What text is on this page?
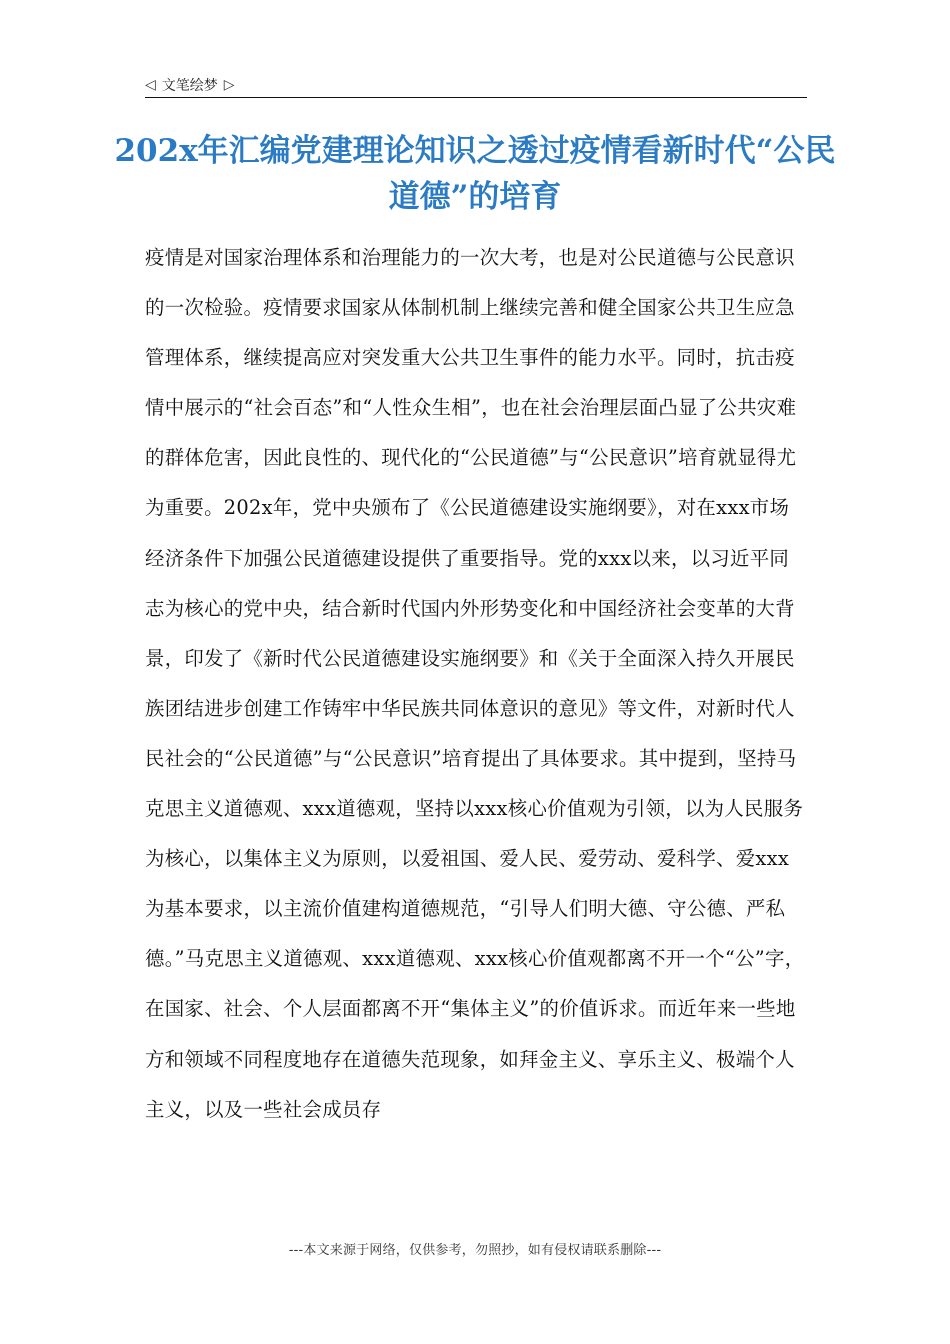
◁ 文笔绘梦 ▷
202x年汇编党建理论知识之透过疫情看新时代“公民道德”的培育
疫情是对国家治理体系和治理能力的一次大考，也是对公民道德与公民意识的一次检验。疫情要求国家从体制机制上继续完善和健全国家公共卫生应急管理体系，继续提高应对突发重大公共卫生事件的能力水平。同时，抗击疫情中展示的“社会百态”和“人性众生相”，也在社会治理层面凸显了公共灾难的群体危害，因此良性的、现代化的“公民道德”与“公民意识”培育就显得尤为重要。202x年，党中央颁布了《公民道德建设实施纲要》，对在xxx市场经济条件下加强公民道德建设提供了重要指导。党的xxx以来，以习近平同志为核心的党中央，结合新时代国内外形势变化和中国经济社会变革的大背景，印发了《新时代公民道德建设实施纲要》和《关于全面深入持久开展民族团结进步创建工作铸牢中华民族共同体意识的意见》等文件，对新时代人民社会的“公民道德”与“公民意识”培育提出了具体要求。其中提到，坚持马克思主义道德观、xxx道德观，坚持以xxx核心价值观为引领，以为人民服务为核心，以集体主义为原则，以爱祖国、爱人民、爱劳动、爱科学、爱xxx为基本要求，以主流价值建构道德规范，“引导人们明大德、守公德、严私德。”马克思主义道德观、xxx道德观、xxx核心价值观都离不开一个“公”字，在国家、社会、个人层面都离不开“集体主义”的价值诉求。而近年来一些地方和领域不同程度地存在道德失范现象，如拜金主义、享乐主义、极端个人主义，以及一些社会成员存
---本文来源于网络，仅供参考，勿照抄，如有侵权请联系删除---
